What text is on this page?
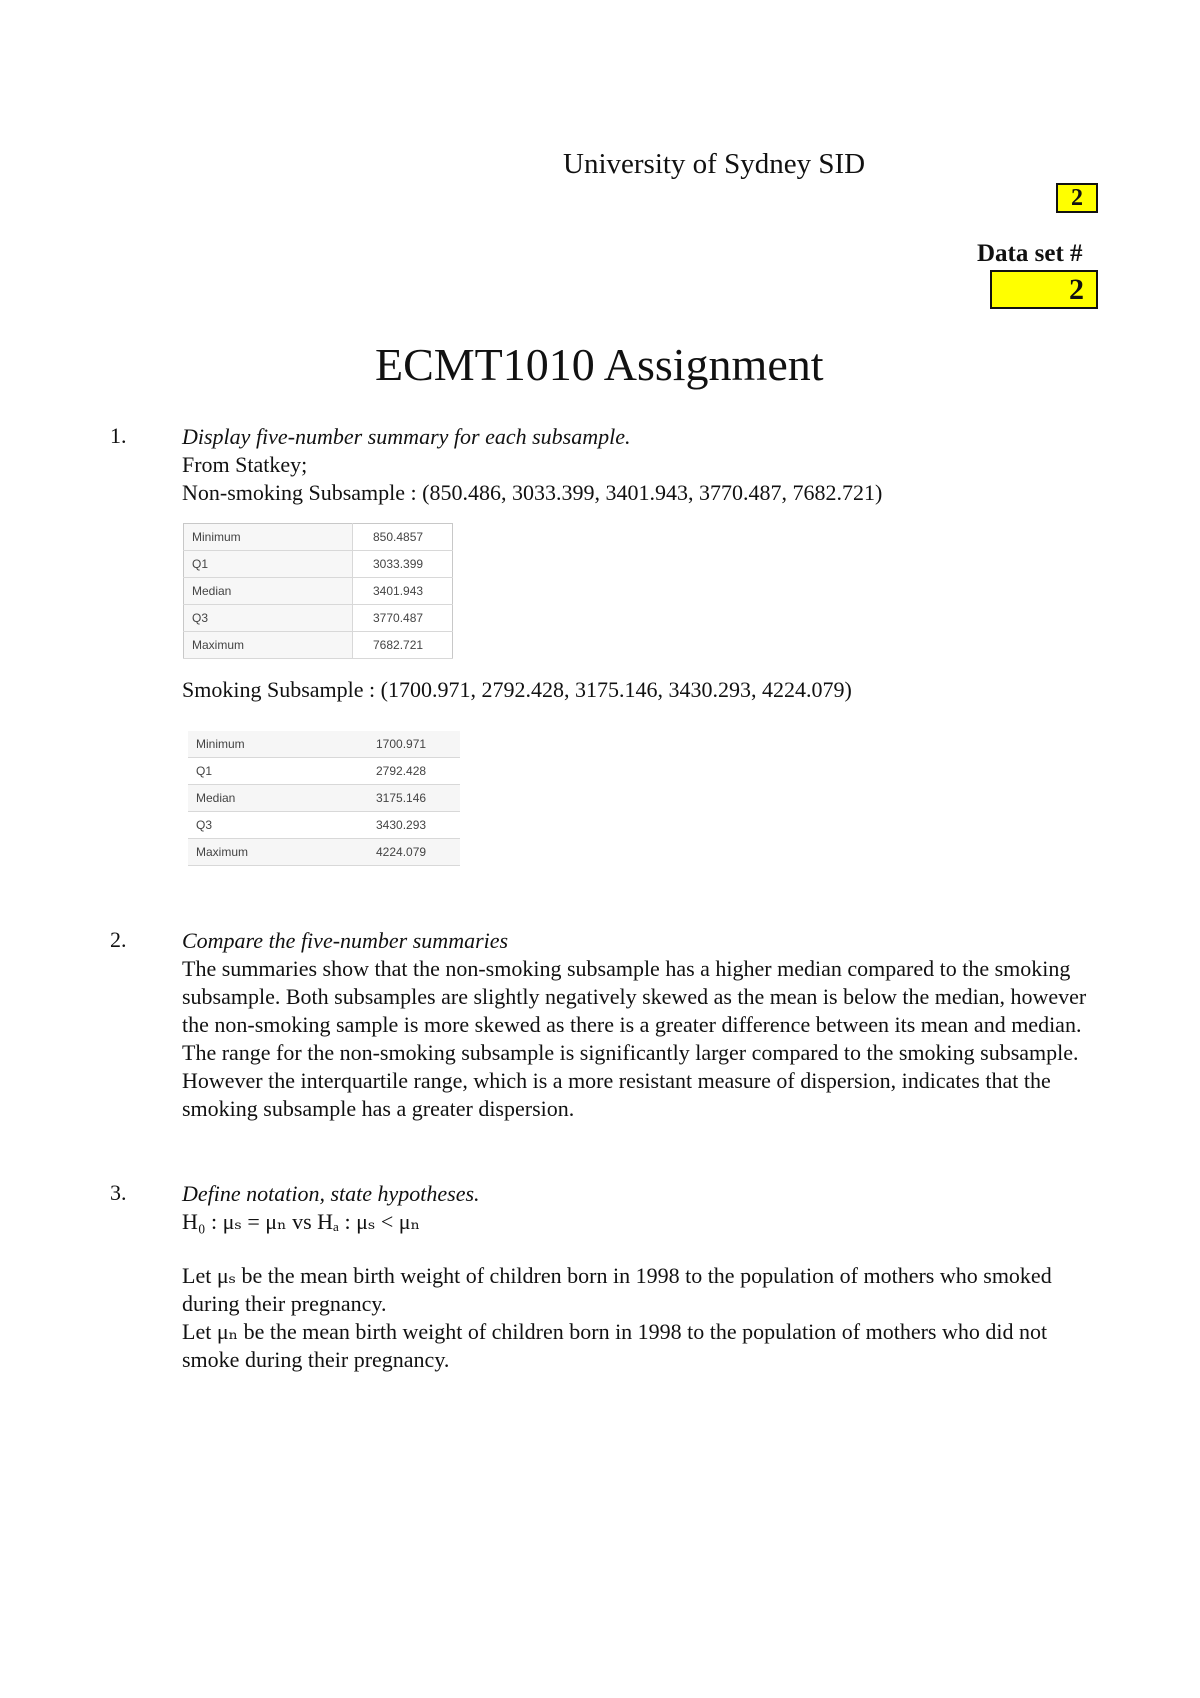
University of Sydney SID
2
Data set #
2
ECMT1010 Assignment
1.	Display five-number summary for each subsample.

From Statkey;

Non-smoking Subsample : (850.486, 3033.399, 3401.943, 3770.487, 7682.721)

Minimum	850.4857
Q1	3033.399
Median	3401.943
Q3	3770.487
Maximum	7682.721

Smoking Subsample : (1700.971, 2792.428, 3175.146, 3430.293, 4224.079)

Minimum	1700.971
Q1	2792.428
Median	3175.146
Q3	3430.293
Maximum	4224.079
2.	Compare the five-number summaries

The summaries show that the non-smoking subsample has a higher median compared to the smoking subsample. Both subsamples are slightly negatively skewed as the mean is below the median, however the non-smoking sample is more skewed as there is a greater difference between its mean and median. The range for the non-smoking subsample is significantly larger compared to the smoking subsample. However the interquartile range, which is a more resistant measure of dispersion, indicates that the smoking subsample has a greater dispersion.

3.	Define notation, state hypotheses.

H₀ : μₛ = μₙ vs Hₐ : μₛ < μₙ

Let μₛ be the mean birth weight of children born in 1998 to the population of mothers who smoked during their pregnancy.

Let μₙ be the mean birth weight of children born in 1998 to the population of mothers who did not smoke during their pregnancy.
